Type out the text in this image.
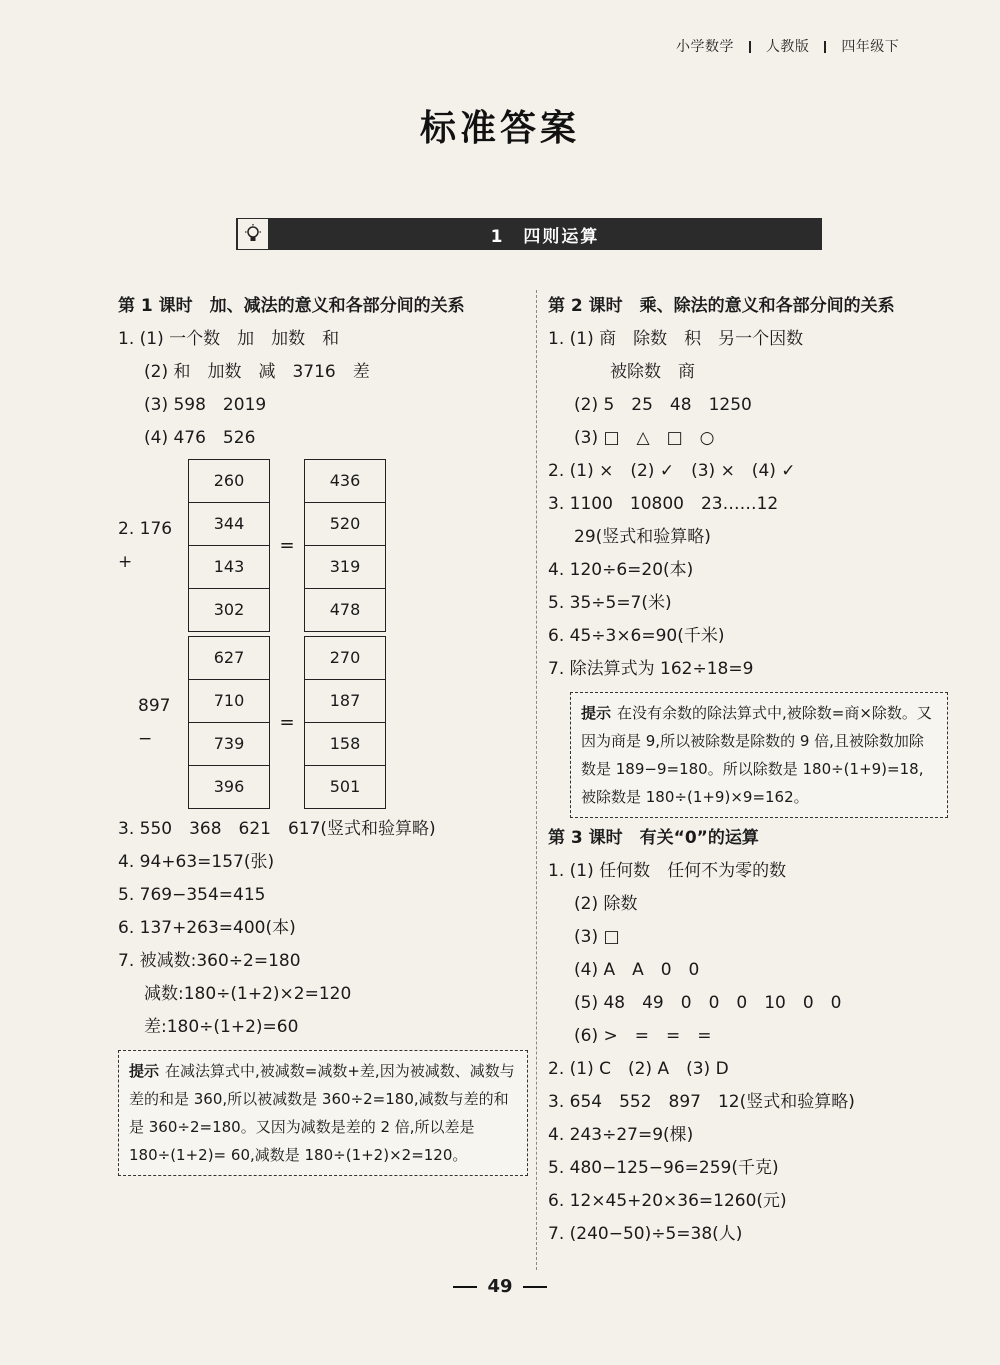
小学数学 人教版 四年级下
标准答案
1　四则运算
第 1 课时　加、减法的意义和各部分间的关系
1. (1) 一个数　加　加数　和
(2) 和　加数　减　3716　差
(3) 598　2019
(4) 476　526
2. 176 +
260
344
143
302
=
436
520
319
478
897 −
627
710
739
396
=
270
187
158
501
3. 550　368　621　617(竖式和验算略)
4. 94+63=157(张)
5. 769−354=415
6. 137+263=400(本)
7. 被减数:360÷2=180
减数:180÷(1+2)×2=120
差:180÷(1+2)=60
提示 在减法算式中,被减数=减数+差,因为被减数、减数与差的和是 360,所以被减数是 360÷2=180,减数与差的和是 360÷2=180。又因为减数是差的 2 倍,所以差是 180÷(1+2)= 60,减数是 180÷(1+2)×2=120。
第 2 课时　乘、除法的意义和各部分间的关系
1. (1) 商　除数　积　另一个因数
被除数　商
(2) 5　25　48　1250
(3) □　△　□　○
2. (1) ×　(2) ✓　(3) ×　(4) ✓
3. 1100　10800　23……12
29(竖式和验算略)
4. 120÷6=20(本)
5. 35÷5=7(米)
6. 45÷3×6=90(千米)
7. 除法算式为 162÷18=9
提示 在没有余数的除法算式中,被除数=商×除数。又因为商是 9,所以被除数是除数的 9 倍,且被除数加除数是 189−9=180。所以除数是 180÷(1+9)=18,被除数是 180÷(1+9)×9=162。
第 3 课时　有关“0”的运算
1. (1) 任何数　任何不为零的数
(2) 除数
(3) □
(4) A　A　0　0
(5) 48　49　0　0　0　10　0　0
(6) >　=　=　=
2. (1) C　(2) A　(3) D
3. 654　552　897　12(竖式和验算略)
4. 243÷27=9(棵)
5. 480−125−96=259(千克)
6. 12×45+20×36=1260(元)
7. (240−50)÷5=38(人)
49
